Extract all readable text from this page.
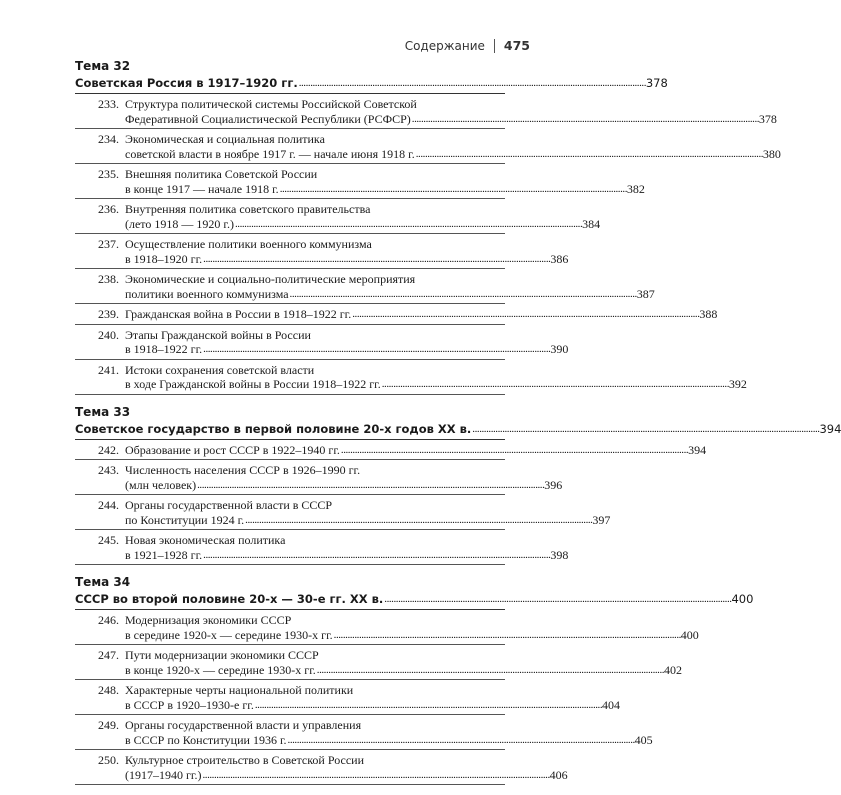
Содержание 475
Тема 32
Советская Россия в 1917–1920 гг. . . .	378
233. Структура политической системы Российской Советской
Федеративной Социалистической Республики (РСФСР) . . .	378
234. Экономическая и социальная политика
советской власти в ноябре 1917 г. — начале июня 1918 г. . . .	380
235. Внешняя политика Советской России
в конце 1917 — начале 1918 г. . . .	382
236. Внутренняя политика советского правительства
(лето 1918 — 1920 г.) . . .	384
237. Осуществление политики военного коммунизма
в 1918–1920 гг. . . .	386
238. Экономические и социально-политические мероприятия
политики военного коммунизма . . .	387
239. Гражданская война в России в 1918–1922 гг. . . .	388
240. Этапы Гражданской войны в России
в 1918–1922 гг. . . .	390
241. Истоки сохранения советской власти
в ходе Гражданской войны в России 1918–1922 гг. . . .	392
Тема 33
Советское государство в первой половине 20-х годов XX в. . . .	394
242. Образование и рост СССР в 1922–1940 гг. . . .	394
243. Численность населения СССР в 1926–1990 гг.
(млн человек) . . .	396
244. Органы государственной власти в СССР
по Конституции 1924 г. . . .	397
245. Новая экономическая политика
в 1921–1928 гг. . . .	398
Тема 34
СССР во второй половине 20-х — 30-е гг. XX в. . . .	400
246. Модернизация экономики СССР
в середине 1920-х — середине 1930-х гг. . . .	400
247. Пути модернизации экономики СССР
в конце 1920-х — середине 1930-х гг. . . .	402
248. Характерные черты национальной политики
в СССР в 1920–1930-е гг. . . .	404
249. Органы государственной власти и управления
в СССР по Конституции 1936 г. . . .	405
250. Культурное строительство в Советской России
(1917–1940 гг.) . . .	406
